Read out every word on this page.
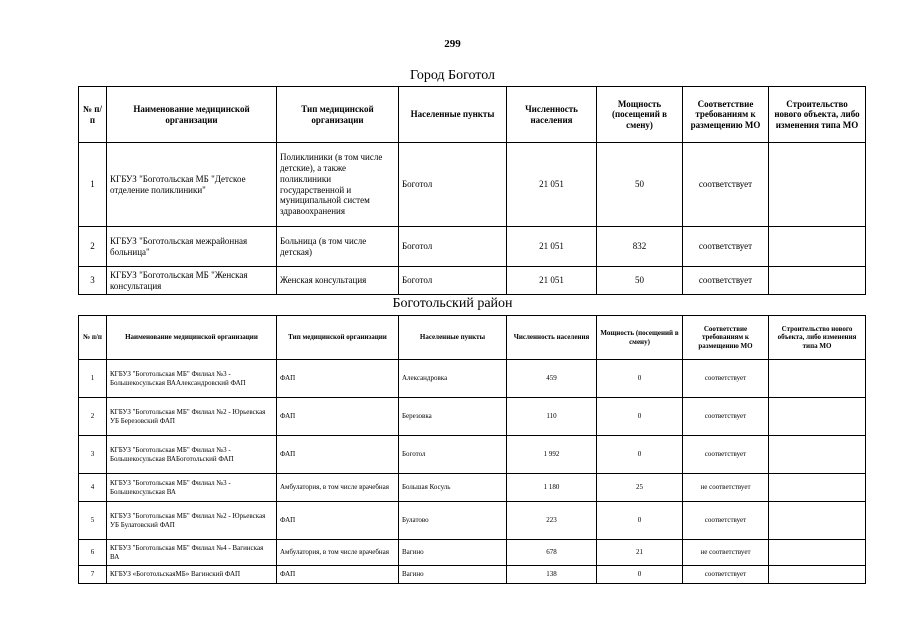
299
Город Боготол
№ п/п	Наименование медицинской организации	Тип медицинской организации	Населенные пункты	Численность населения	Мощность (посещений в смену)	Соответствие требованиям к размещению МО	Строительство нового объекта, либо изменения типа МО
1	КГБУЗ "Боготольская МБ "Детское отделение поликлиники"	Поликлиники (в том числе детские), а также поликлиники государственной и муниципальной систем здравоохранения	Боготол	21 051	50	соответствует	
2	КГБУЗ "Боготольская межрайонная больница"	Больница (в том числе детская)	Боготол	21 051	832	соответствует	
3	КГБУЗ "Боготольская МБ "Женская консультация	Женская консультация	Боготол	21 051	50	соответствует	
Боготольский район
№ п/п	Наименование медицинской организации	Тип медицинской организации	Населенные пункты	Численность населения	Мощность (посещений в смену)	Соответствие требованиям к размещению МО	Строительство нового объекта, либо изменения типа МО
1	КГБУЗ "Боготольская МБ" Филиал №3 - Большекосульская ВААлександровский ФАП	ФАП	Александровка	459	0	соответствует	
2	КГБУЗ "Боготольская МБ" Филиал №2 - Юрьевская УБ Березовский ФАП	ФАП	Березовка	110	0	соответствует	
3	КГБУЗ "Боготольская МБ" Филиал №3 - Большекосульская ВАБоготольский ФАП	ФАП	Боготол	1 992	0	соответствует	
4	КГБУЗ "Боготольская МБ" Филиал №3 - Большекосульская ВА	Амбулатория, в том числе врачебная	Большая Косуль	1 180	25	не соответствует	
5	КГБУЗ "Боготольская МБ" Филиал №2 - Юрьевская УБ Булатовский ФАП	ФАП	Булатово	223	0	соответствует	
6	КГБУЗ "Боготольская МБ" Филиал №4 - Вагинская ВА	Амбулатория, в том числе врачебная	Вагино	678	21	не соответствует	
7	КГБУЗ «БоготольскаяМБ» Вагинский ФАП	ФАП	Вагино	138	0	соответствует	
